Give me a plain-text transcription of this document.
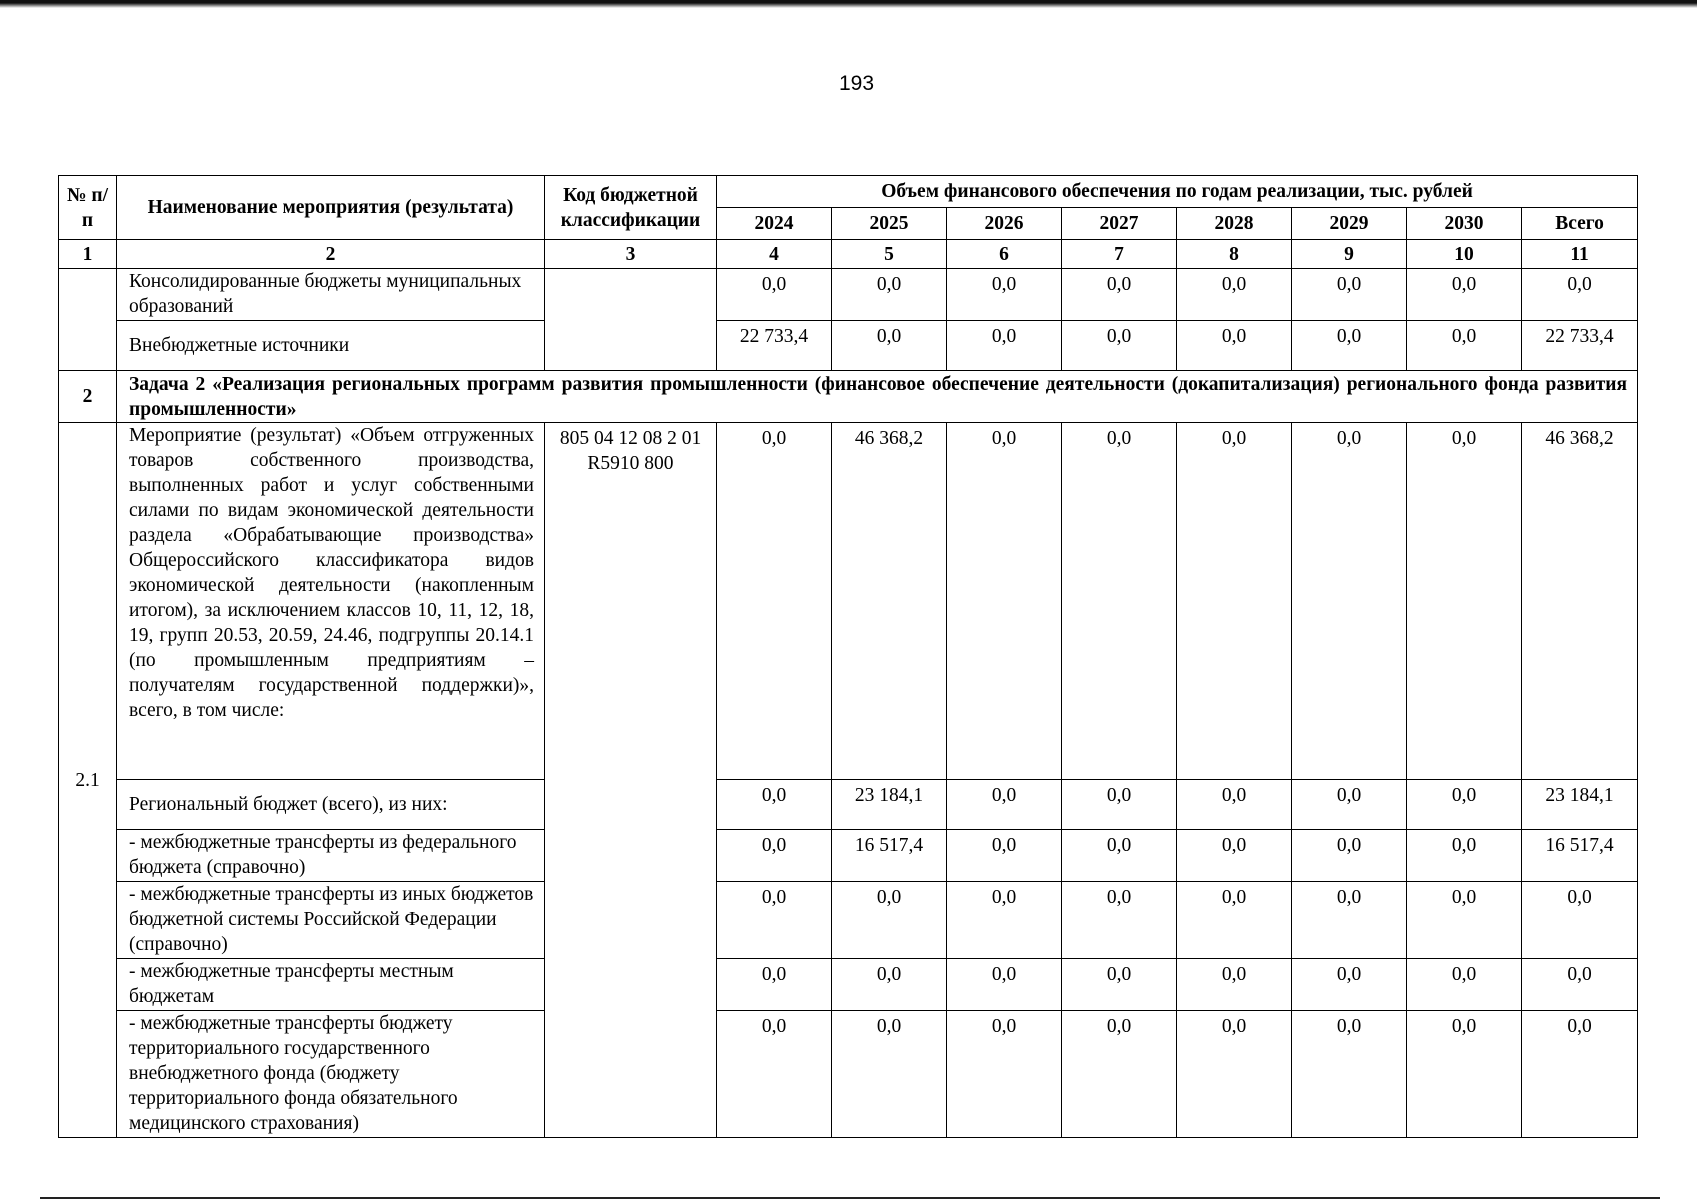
193
№ п/п	Наименование мероприятия (результата)	Код бюджетной классификации	Объем финансового обеспечения по годам реализации, тыс. рублей							
			2024	2025	2026	2027	2028	2029	2030	Всего
1	2	3	4	5	6	7	8	9	10	11
	Консолидированные бюджеты муниципальных образований		0,0	0,0	0,0	0,0	0,0	0,0	0,0	0,0
	Внебюджетные источники		22 733,4	0,0	0,0	0,0	0,0	0,0	0,0	22 733,4
2	Задача 2 «Реализация региональных программ развития промышленности (финансовое обеспечение деятельности (докапитализация) регионального фонда развития промышленности»									
2.1	Мероприятие (результат) «Объем отгруженных товаров собственного производства, выполненных работ и услуг собственными силами по видам экономической деятельности раздела «Обрабатывающие производства» Общероссийского классификатора видов экономической деятельности (накопленным итогом), за исключением классов 10, 11, 12, 18, 19, групп 20.53, 20.59, 24.46, подгруппы 20.14.1 (по промышленным предприятиям – получателям государственной поддержки)», всего, в том числе:	805 04 12 08 2 01 R5910 800	0,0	46 368,2	0,0	0,0	0,0	0,0	0,0	46 368,2
	Региональный бюджет (всего), из них:		0,0	23 184,1	0,0	0,0	0,0	0,0	0,0	23 184,1
	- межбюджетные трансферты из федерального бюджета (справочно)		0,0	16 517,4	0,0	0,0	0,0	0,0	0,0	16 517,4
	- межбюджетные трансферты из иных бюджетов бюджетной системы Российской Федерации (справочно)		0,0	0,0	0,0	0,0	0,0	0,0	0,0	0,0
	- межбюджетные трансферты местным бюджетам		0,0	0,0	0,0	0,0	0,0	0,0	0,0	0,0
	- межбюджетные трансферты бюджету территориального государственного внебюджетного фонда (бюджету территориального фонда обязательного медицинского страхования)		0,0	0,0	0,0	0,0	0,0	0,0	0,0	0,0
